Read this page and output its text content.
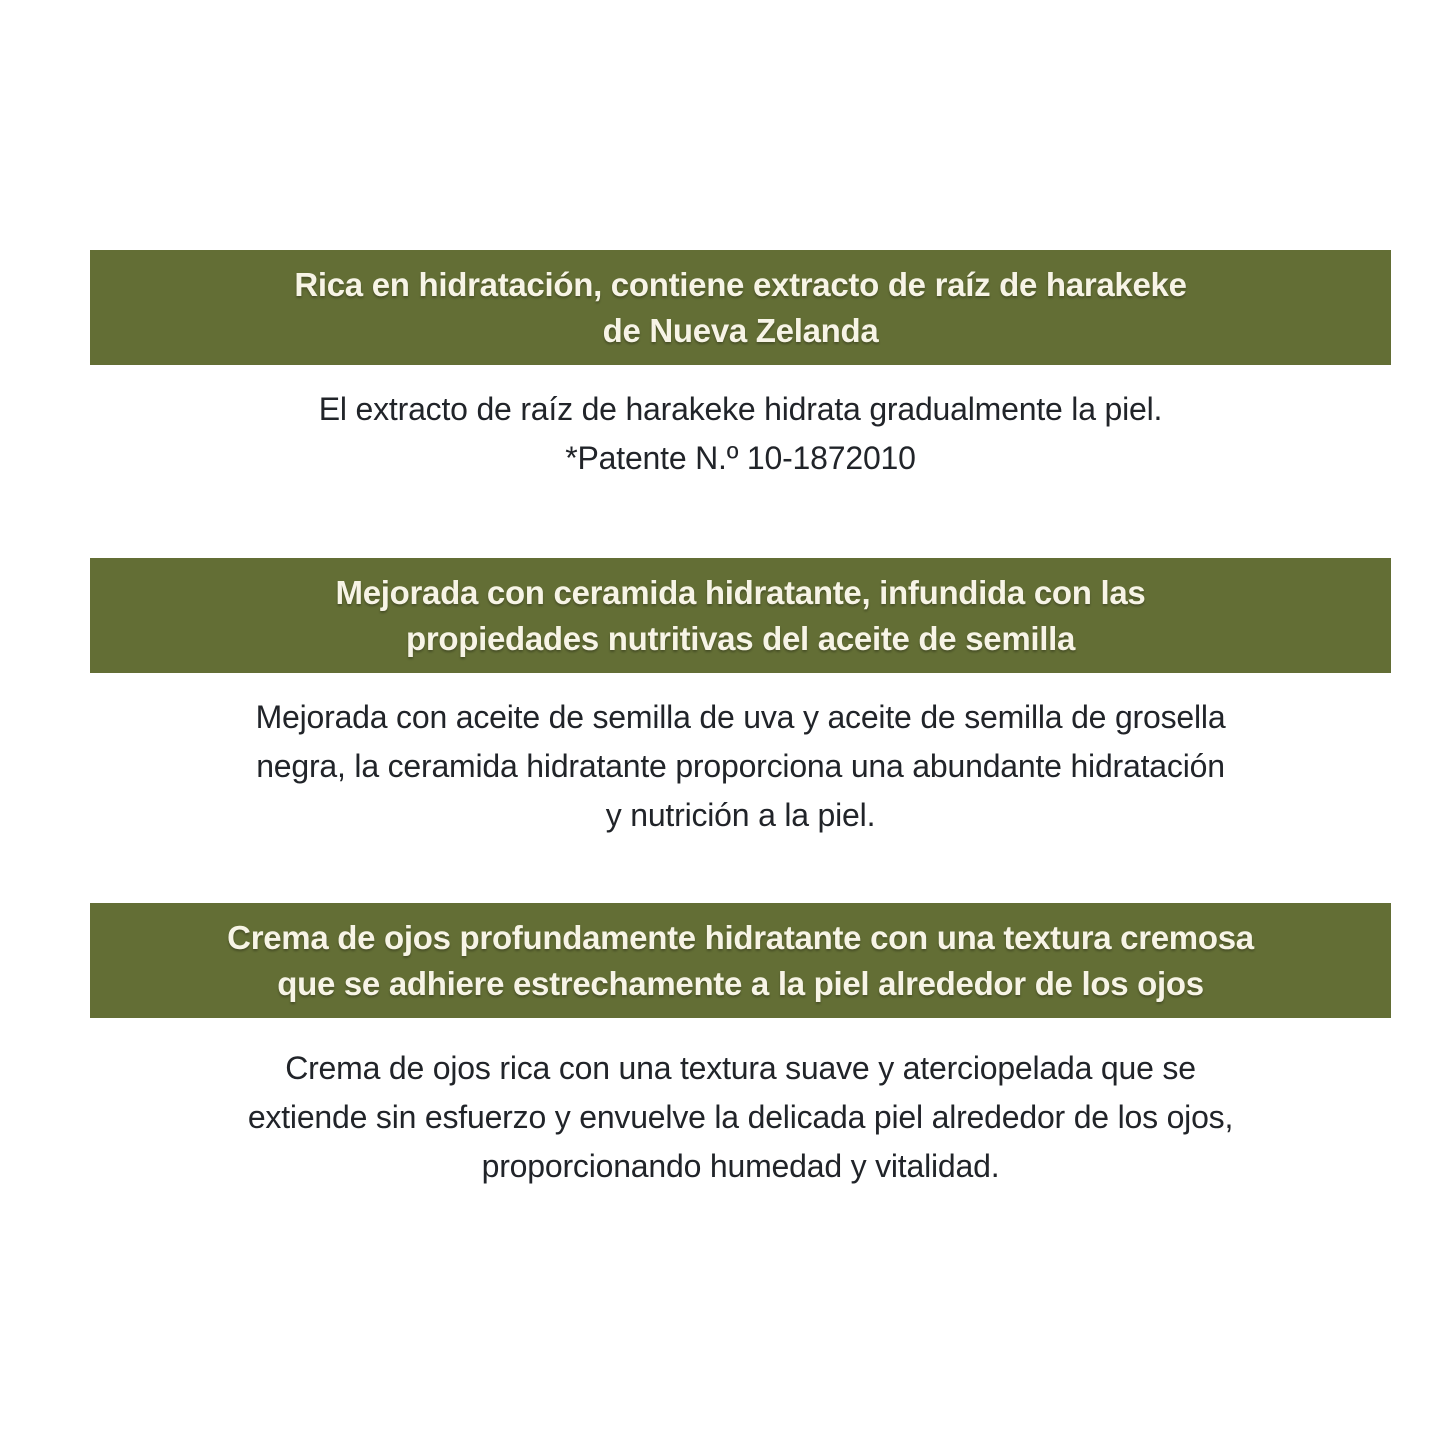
Rica en hidratación, contiene extracto de raíz de harakeke
de Nueva Zelanda
El extracto de raíz de harakeke hidrata gradualmente la piel.
*Patente N.º 10-1872010
Mejorada con ceramida hidratante, infundida con las
propiedades nutritivas del aceite de semilla
Mejorada con aceite de semilla de uva y aceite de semilla de grosella
negra, la ceramida hidratante proporciona una abundante hidratación
y nutrición a la piel.
Crema de ojos profundamente hidratante con una textura cremosa
que se adhiere estrechamente a la piel alrededor de los ojos
Crema de ojos rica con una textura suave y aterciopelada que se
extiende sin esfuerzo y envuelve la delicada piel alrededor de los ojos,
proporcionando humedad y vitalidad.
